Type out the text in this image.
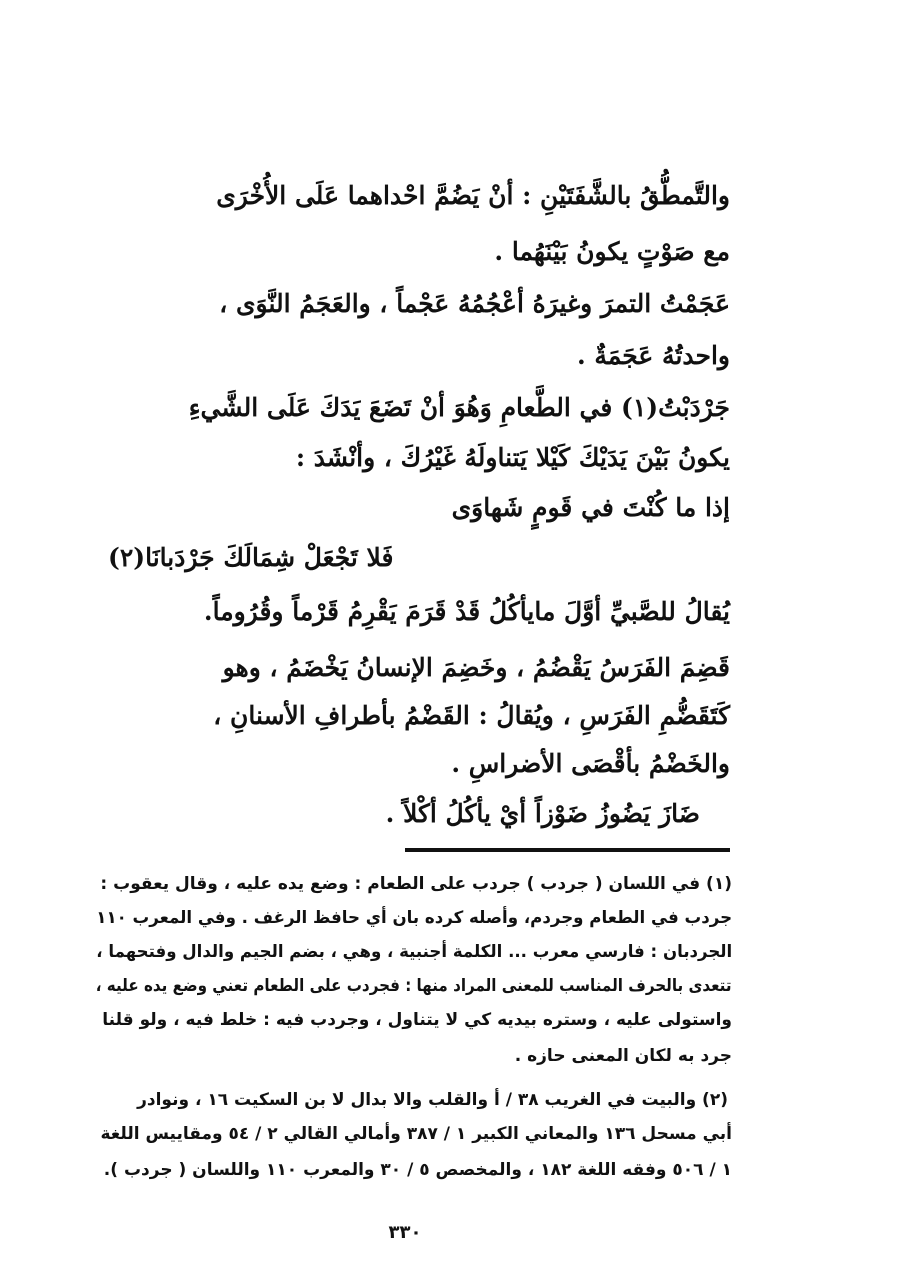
والتَّمطُّقُ بالشَّفَتَيْنِ : أنْ يَضُمَّ احْداهما عَلَى الأُخْرَى
مع صَوْتٍ يكونُ بَيْنَهُما .
عَجَمْتُ التمرَ وغيرَهُ أعْجُمُهُ عَجْماً ، والعَجَمُ النَّوَى ،
واحدتُهُ عَجَمَةٌ .
جَرْدَبْتُ(١) في الطَّعامِ وَهُوَ أنْ تَضَعَ يَدَكَ عَلَى الشَّيءِ
يكونُ بَيْنَ يَدَيْكَ كَيْلا يَتناولَهُ غَيْرُكَ ، وأنْشَدَ :
إذا ما كُنْتَ في قَومٍ شَهاوَى
فَلا تَجْعَلْ شِمَالَكَ جَرْدَبانَا(٢)
يُقالُ للصَّبيِّ أوَّلَ مايأكُلُ قَدْ قَرَمَ يَقْرِمُ قَرْماً وقُرُوماً.
قَضِمَ الفَرَسُ يَقْضُمُ ، وخَضِمَ الإنسانُ يَخْضَمُ ، وهو
كَتَقَضُّمِ الفَرَسِ ، ويُقالُ : القَضْمُ بأطرافِ الأسنانِ ،
والخَضْمُ بأقْصَى الأضراسِ .
ضَازَ يَضُوزُ ضَوْزاً أيْ يأكُلُ أكْلاً .
(١) في اللسان ( جردب ) جردب على الطعام : وضع يده عليه ، وقال يعقوب :
جردب في الطعام وجردم، وأصله كرده بان أي حافظ الرغف . وفي المعرب ١١٠
الجردبان : فارسي معرب ... الكلمة أجنبية ، وهي ، بضم الجيم والدال وفتحهما ،
تتعدى بالحرف المناسب للمعنى المراد منها : فجردب على الطعام تعني وضع يده عليه ،
واستولى عليه ، وستره بيديه كي لا يتناول ، وجردب فيه : خلط فيه ، ولو قلنا
جرد به لكان المعنى حازه .
(٢) والبيت في الغريب ٣٨ / أ والقلب والا بدال لا بن السكيت ١٦ ، ونوادر
أبي مسحل ١٣٦ والمعاني الكبير ١ / ٣٨٧ وأمالي القالي ٢ / ٥٤ ومقاييس اللغة
١ / ٥٠٦ وفقه اللغة ١٨٢ ، والمخصص ٥ / ٣٠ والمعرب ١١٠ واللسان ( جردب ).
٣٣٠
